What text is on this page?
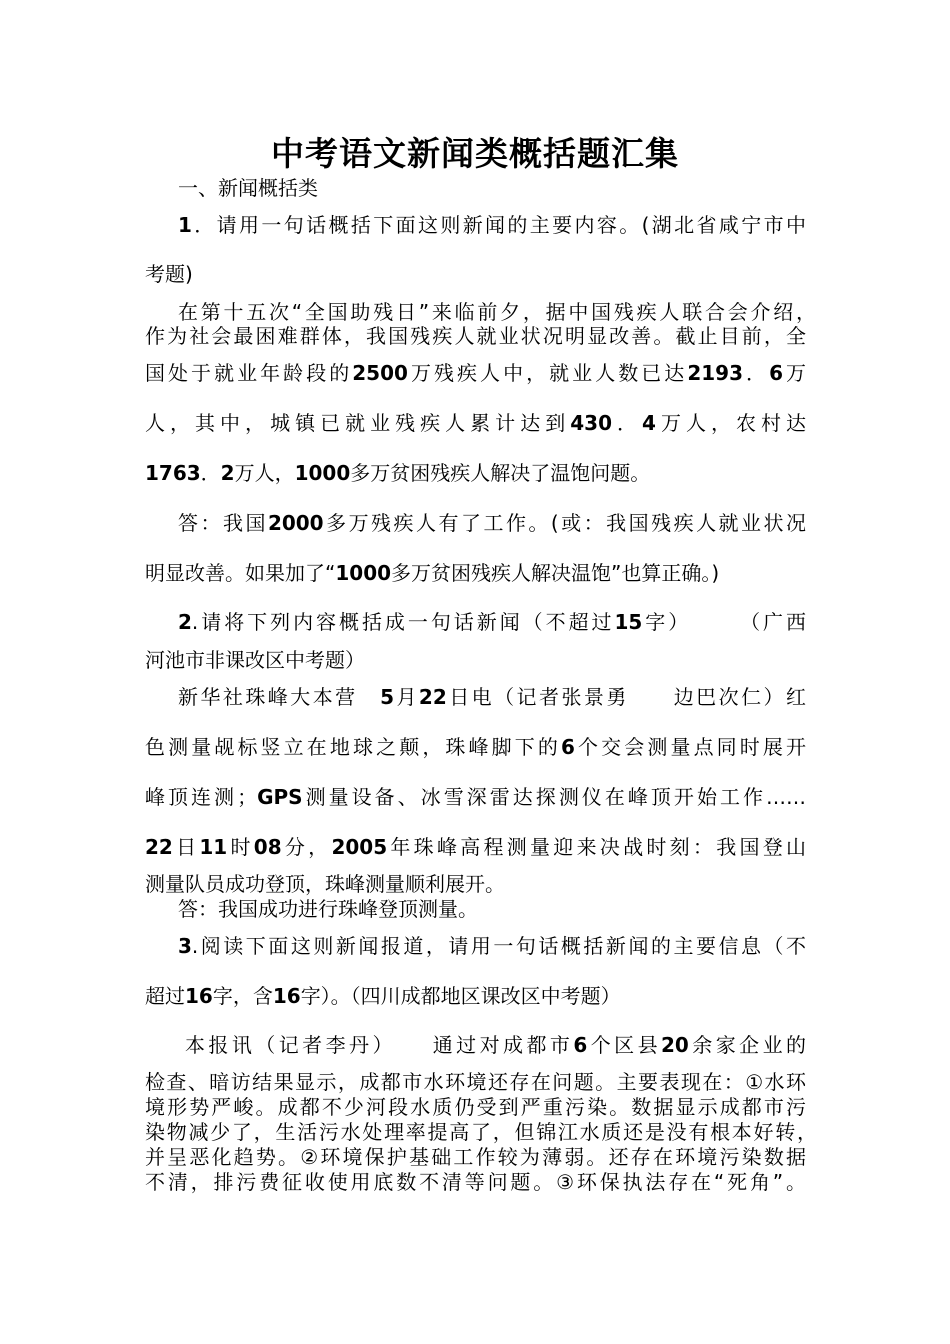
中考语文新闻类概括题汇集
一、新闻概括类
1．请用一句话概括下面这则新闻的主要内容。(湖北省咸宁市中
考题)
在第十五次“全国助残日”来临前夕，据中国残疾人联合会介绍，
作为社会最困难群体，我国残疾人就业状况明显改善。截止目前，全
国处于就业年龄段的2500万残疾人中，就业人数已达2193．6万
人，其中，城镇已就业残疾人累计达到430．4万人，农村达
1763．2万人，1000多万贫困残疾人解决了温饱问题。
答：我国2000多万残疾人有了工作。(或：我国残疾人就业状况
明显改善。如果加了“1000多万贫困残疾人解决温饱”也算正确。)
2.请将下列内容概括成一句话新闻（不超过15字）　　　（广西
河池市非课改区中考题）
新华社珠峰大本营　5月22日电（记者张景勇　　边巴次仁）红
色测量觇标竖立在地球之颠，珠峰脚下的6个交会测量点同时展开
峰顶连测；GPS测量设备、冰雪深雷达探测仪在峰顶开始工作……
22日11时08分，2005年珠峰高程测量迎来决战时刻：我国登山
测量队员成功登顶，珠峰测量顺利展开。
答：我国成功进行珠峰登顶测量。
3.阅读下面这则新闻报道，请用一句话概括新闻的主要信息（不
超过16字，含16字）。（四川成都地区课改区中考题）
本报讯（记者李丹）　　通过对成都市6个区县20余家企业的
检查、暗访结果显示，成都市水环境还存在问题。主要表现在：①水环
境形势严峻。成都不少河段水质仍受到严重污染。数据显示成都市污
染物减少了，生活污水处理率提高了，但锦江水质还是没有根本好转，
并呈恶化趋势。②环境保护基础工作较为薄弱。还存在环境污染数据
不清，排污费征收使用底数不清等问题。③环保执法存在“死角”。
